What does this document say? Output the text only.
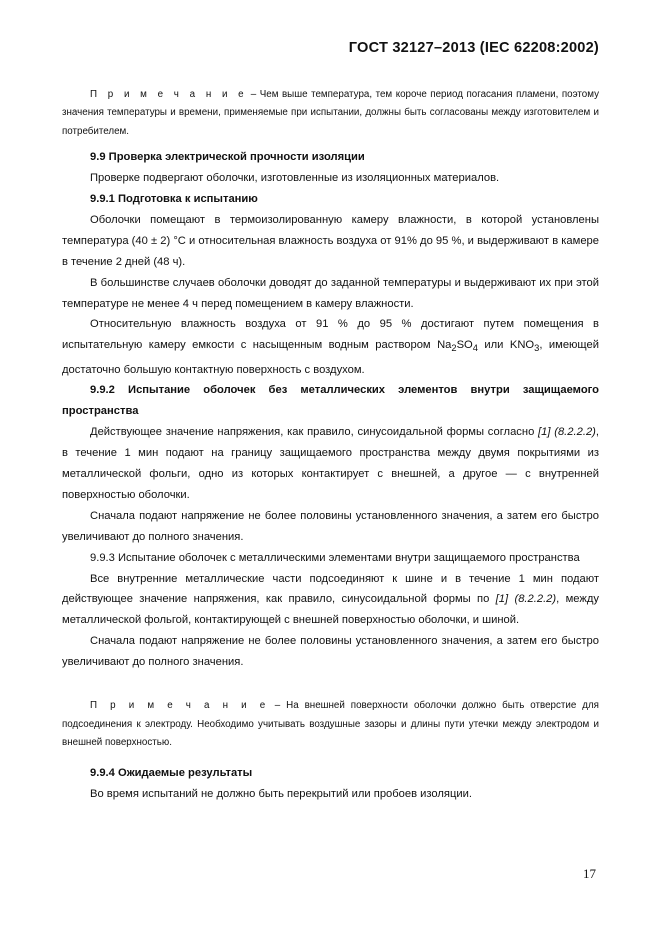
ГОСТ 32127–2013 (IEC 62208:2002)

П р и м е ч а н и е – Чем выше температура, тем короче период погасания пламени, поэтому значения температуры и времени, применяемые при испытании, должны быть согласованы между изготовителем и потребителем.

9.9 Проверка электрической прочности изоляции

Проверке подвергают оболочки, изготовленные из изоляционных материалов.

9.9.1 Подготовка к испытанию

Оболочки помещают в термоизолированную камеру влажности, в которой установлены температура (40 ± 2) °С и относительная влажность воздуха от 91% до 95 %, и выдерживают в камере в течение 2 дней (48 ч).

В большинстве случаев оболочки доводят до заданной температуры и выдерживают их при этой температуре не менее 4 ч перед помещением в камеру влажности.

Относительную влажность воздуха от 91 % до 95 % достигают путем помещения в испытательную камеру емкости с насыщенным водным раствором $Na_2SO_4$ или $KNO_3$, имеющей достаточно большую контактную поверхность с воздухом.

9.9.2 Испытание оболочек без металлических элементов внутри защищаемого пространства

Действующее значение напряжения, как правило, синусоидальной формы согласно [1] (8.2.2.2), в течение 1 мин подают на границу защищаемого пространства между двумя покрытиями из металлической фольги, одно из которых контактирует с внешней, а другое — с внутренней поверхностью оболочки.

Сначала подают напряжение не более половины установленного значения, а затем его быстро увеличивают до полного значения.

9.9.3 Испытание оболочек с металлическими элементами внутри защищаемого пространства

Все внутренние металлические части подсоединяют к шине и в течение 1 мин подают действующее значение напряжения, как правило, синусоидальной формы по [1] (8.2.2.2), между металлической фольгой, контактирующей с внешней поверхностью оболочки, и шиной.

Сначала подают напряжение не более половины установленного значения, а затем его быстро увеличивают до полного значения.

П р и м е ч а н и е – На внешней поверхности оболочки должно быть отверстие для подсоединения к электроду. Необходимо учитывать воздушные зазоры и длины пути утечки между электродом и внешней поверхностью.

9.9.4 Ожидаемые результаты

Во время испытаний не должно быть перекрытий или пробоев изоляции.

17
